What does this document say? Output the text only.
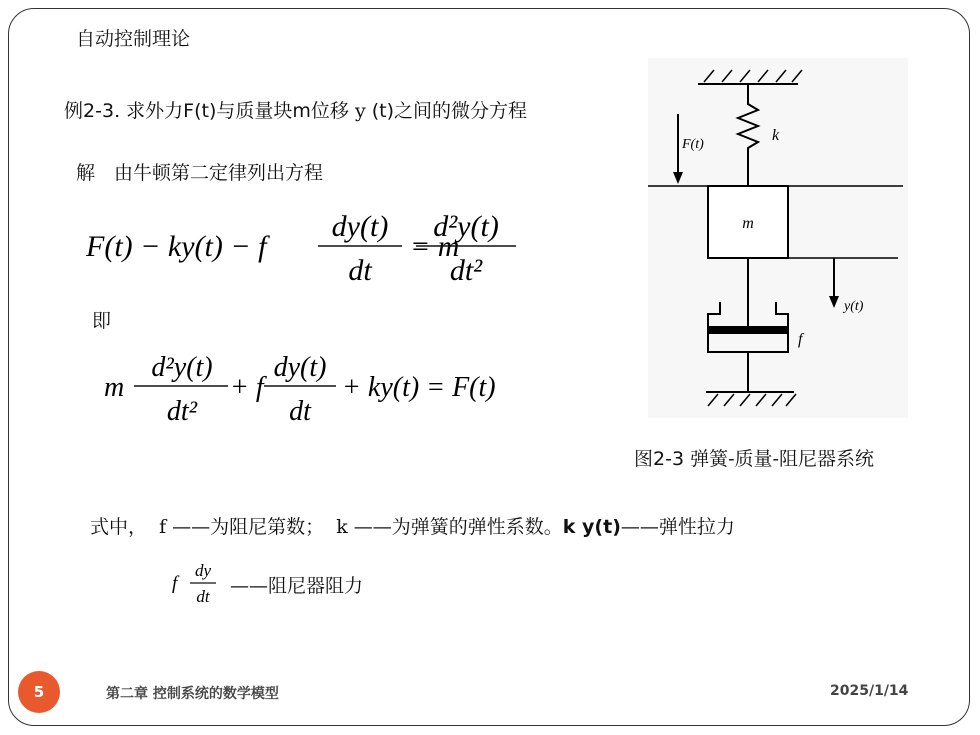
自动控制理论
例2-3. 求外力F(t)与质量块m位移 y (t)之间的微分方程
解　由牛顿第二定律列出方程
F(t) − ky(t) − f
dy(t)
dt
= m
d²y(t)
dt²
即
m
d²y(t)
dt²
+ f
dy(t)
dt
+ ky(t) = F(t)
k
F(t)
m
y(t)
f
图2-3 弹簧-质量-阻尼器系统
式中， f ——为阻尼第数； k ——为弹簧的弹性系数。k y(t)——弹性拉力
f
dy
dt ——阻尼器阻力
5	第二章 控制系统的数学模型	2025/1/14
